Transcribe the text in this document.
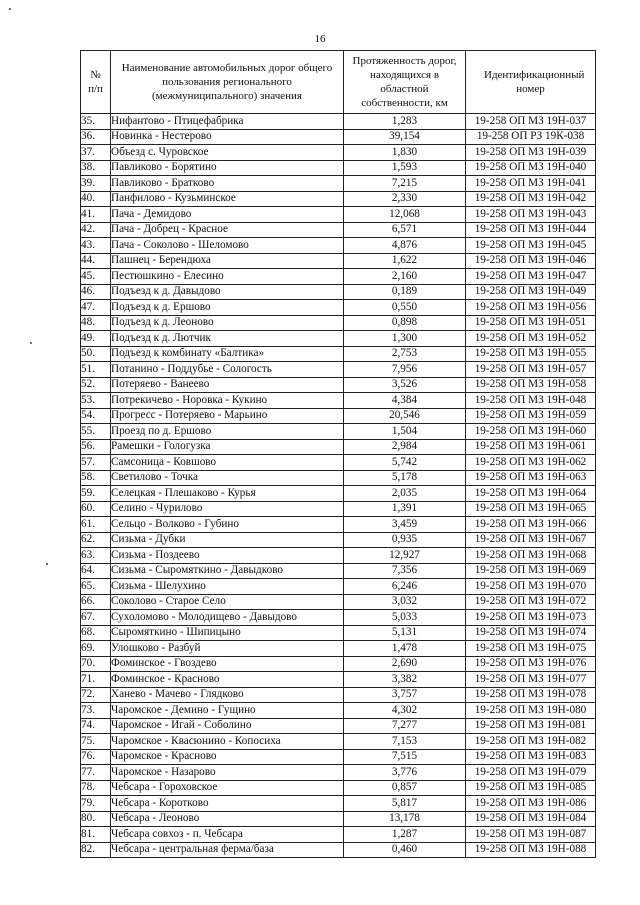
16
№
п/п	Наименование автомобильных дорог общего пользования регионального (межмуниципального) значения	Протяженность дорог, находящихся в областной собственности, км	Идентификационный номер
35.	Нифантово - Птицефабрика	1,283	19-258 ОП МЗ 19Н-037
36.	Новинка - Нестерово	39,154	19-258 ОП РЗ 19К-038
37.	Объезд с. Чуровское	1,830	19-258 ОП МЗ 19Н-039
38.	Павликово - Борятино	1,593	19-258 ОП МЗ 19Н-040
39.	Павликово - Братково	7,215	19-258 ОП МЗ 19Н-041
40.	Панфилово - Кузьминское	2,330	19-258 ОП МЗ 19Н-042
41.	Пача - Демидово	12,068	19-258 ОП МЗ 19Н-043
42.	Пача - Добрец - Красное	6,571	19-258 ОП МЗ 19Н-044
43.	Пача - Соколово - Шеломово	4,876	19-258 ОП МЗ 19Н-045
44.	Пашнец - Берендюха	1,622	19-258 ОП МЗ 19Н-046
45.	Пестюшкино - Елесино	2,160	19-258 ОП МЗ 19Н-047
46.	Подъезд к д. Давыдово	0,189	19-258 ОП МЗ 19Н-049
47.	Подъезд к д. Ершово	0,550	19-258 ОП МЗ 19Н-056
48.	Подъезд к д. Леоново	0,898	19-258 ОП МЗ 19Н-051
49.	Подъезд к д. Лютчик	1,300	19-258 ОП МЗ 19Н-052
50.	Подъезд к комбинату «Балтика»	2,753	19-258 ОП МЗ 19Н-055
51.	Потанино - Поддубье - Сологость	7,956	19-258 ОП МЗ 19Н-057
52.	Потеряево - Ванеево	3,526	19-258 ОП МЗ 19Н-058
53.	Потрекичево - Норовка - Кукино	4,384	19-258 ОП МЗ 19Н-048
54.	Прогресс - Потеряево - Марьино	20,546	19-258 ОП МЗ 19Н-059
55.	Проезд по д. Ершово	1,504	19-258 ОП МЗ 19Н-060
56.	Рамешки - Гологузка	2,984	19-258 ОП МЗ 19Н-061
57.	Самсоница - Ковшово	5,742	19-258 ОП МЗ 19Н-062
58.	Светилово - Точка	5,178	19-258 ОП МЗ 19Н-063
59.	Селецкая - Плешаково - Курья	2,035	19-258 ОП МЗ 19Н-064
60.	Селино - Чурилово	1,391	19-258 ОП МЗ 19Н-065
61.	Сельцо - Волково - Губино	3,459	19-258 ОП МЗ 19Н-066
62.	Сизьма - Дубки	0,935	19-258 ОП МЗ 19Н-067
63.	Сизьма - Поздеево	12,927	19-258 ОП МЗ 19Н-068
64.	Сизьма - Сыромяткино - Давыдково	7,356	19-258 ОП МЗ 19Н-069
65.	Сизьма - Шелухино	6,246	19-258 ОП МЗ 19Н-070
66.	Соколово - Старое Село	3,032	19-258 ОП МЗ 19Н-072
67.	Сухоломово - Молодищево - Давыдово	5,033	19-258 ОП МЗ 19Н-073
68.	Сыромяткино - Шипицыно	5,131	19-258 ОП МЗ 19Н-074
69.	Улошково - Разбуй	1,478	19-258 ОП МЗ 19Н-075
70.	Фоминское - Гвоздево	2,690	19-258 ОП МЗ 19Н-076
71.	Фоминское - Красново	3,382	19-258 ОП МЗ 19Н-077
72.	Ханево - Мачево - Глядково	3,757	19-258 ОП МЗ 19Н-078
73.	Чаромское - Демино - Гущино	4,302	19-258 ОП МЗ 19Н-080
74.	Чаромское - Игай - Соболино	7,277	19-258 ОП МЗ 19Н-081
75.	Чаромское - Квасюнино - Копосиха	7,153	19-258 ОП МЗ 19Н-082
76.	Чаромское - Красново	7,515	19-258 ОП МЗ 19Н-083
77.	Чаромское - Назарово	3,776	19-258 ОП МЗ 19Н-079
78.	Чебсара - Гороховское	0,857	19-258 ОП МЗ 19Н-085
79.	Чебсара - Коротково	5,817	19-258 ОП МЗ 19Н-086
80.	Чебсара - Леоново	13,178	19-258 ОП МЗ 19Н-084
81.	Чебсара совхоз - п. Чебсара	1,287	19-258 ОП МЗ 19Н-087
82.	Чебсара - центральная ферма/база	0,460	19-258 ОП МЗ 19Н-088
